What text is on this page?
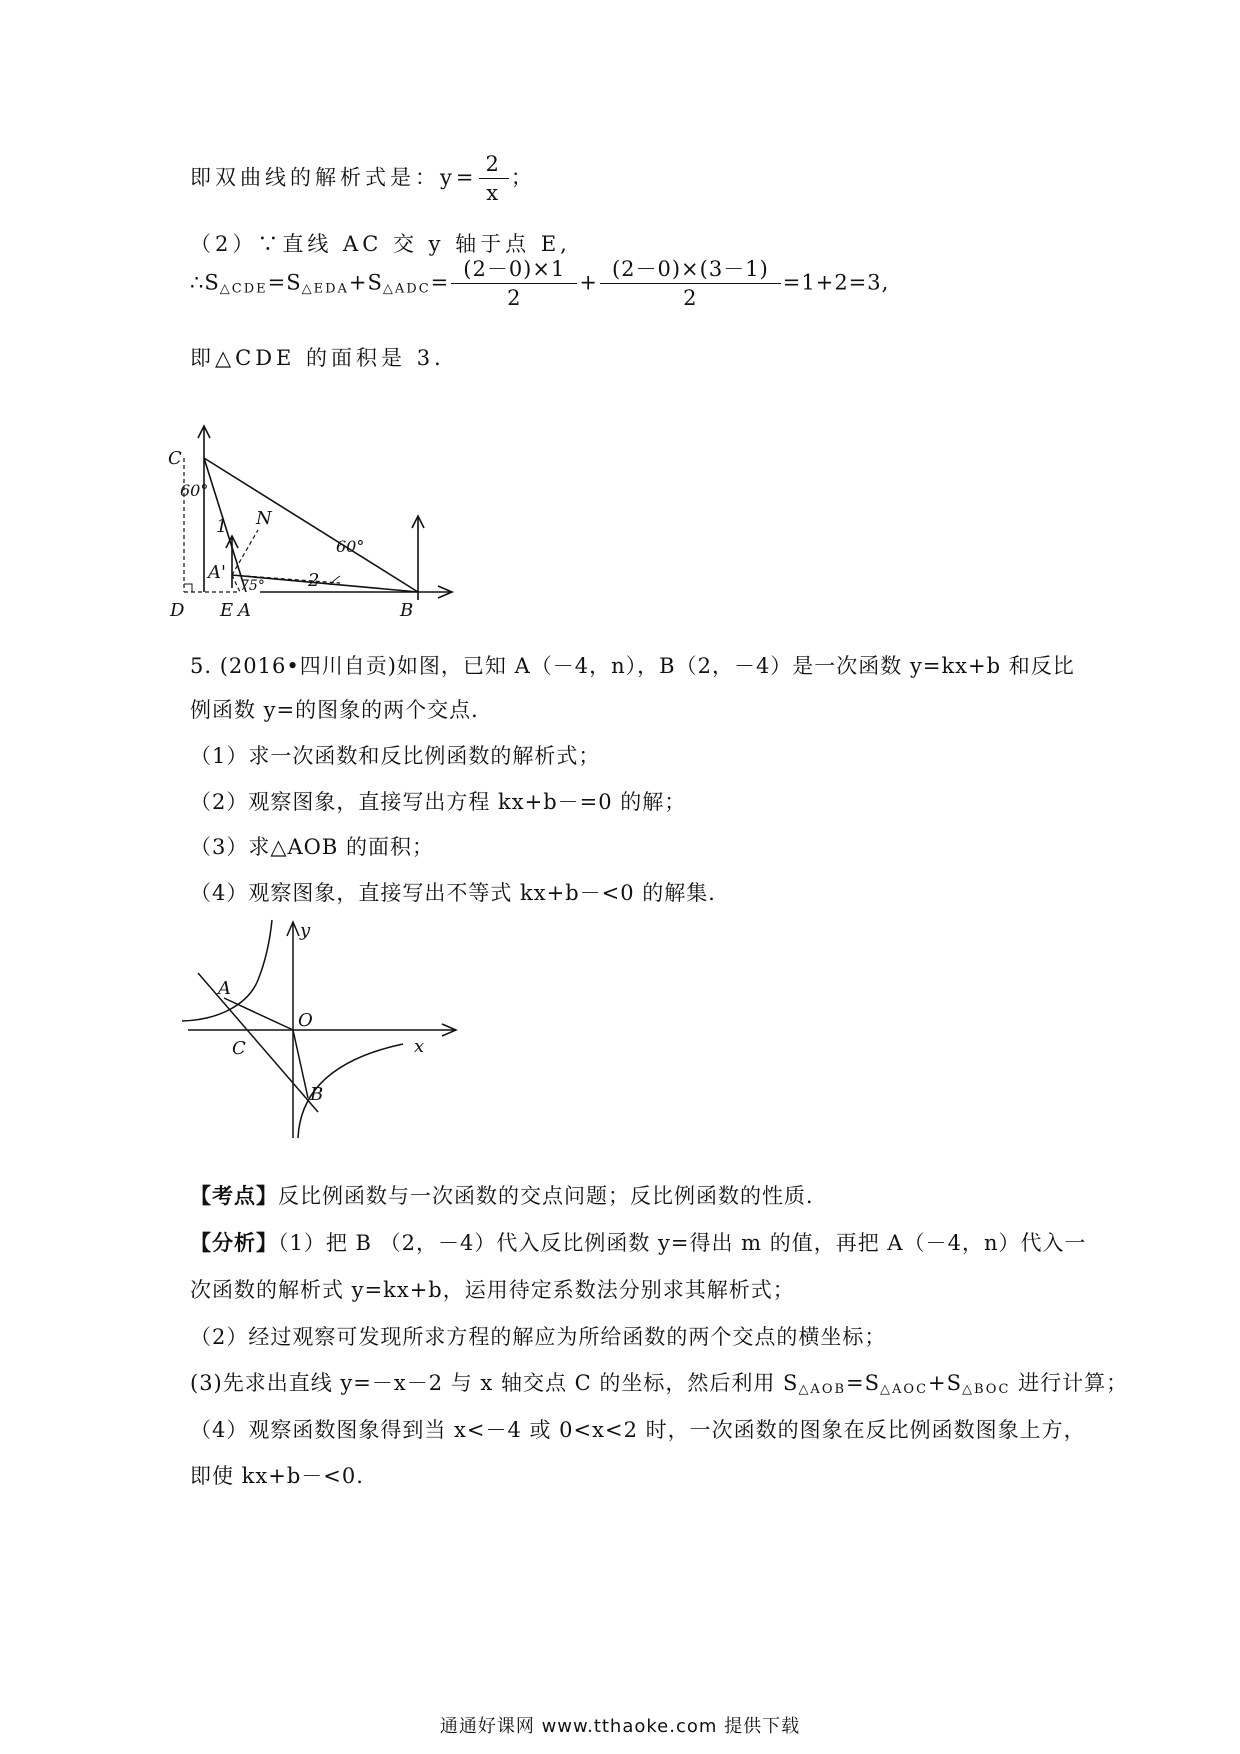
即双曲线的解析式是：$y= \frac{2}{x}$ ；
（2）∵直线 AC 交 y 轴于点 E,
$\therefore S_{\triangle CDE}=S_{\triangle EDA}+S_{\triangle ADC}= \frac{(2-0)\times 1}{2} + \frac{(2-0)\times(3-1)}{2} =1+2=3$,
即△CDE 的面积是 3．
C
D E A
A'
B
N
1
2
60°
60°
75°
5. (2016•四川自贡)如图，已知 A（－4，n），B（2，－4）是一次函数 y=kx+b 和反比
例函数 y=的图象的两个交点．
（1）求一次函数和反比例函数的解析式；
（2）观察图象，直接写出方程 kx+b－=0 的解；
（3）求△AOB 的面积；
（4）观察图象，直接写出不等式 kx+b－<0 的解集．
y
x
O
A
B
C
【考点】反比例函数与一次函数的交点问题；反比例函数的性质．
【分析】（1）把 B （2，－4）代入反比例函数 y=得出 m 的值，再把 A（－4，n）代入一
次函数的解析式 y=kx+b，运用待定系数法分别求其解析式；
（2）经过观察可发现所求方程的解应为所给函数的两个交点的横坐标；
(3)先求出直线 y=－x－2 与 x 轴交点 C 的坐标，然后利用 $S_{\triangle AOB}=S_{\triangle AOC}+S_{\triangle BOC}$ 进行计算；
（4）观察函数图象得到当 x<－4 或 0<x<2 时，一次函数的图象在反比例函数图象上方，
即使 kx+b－<0.
通通好课网 www.tthaoke.com 提供下载
